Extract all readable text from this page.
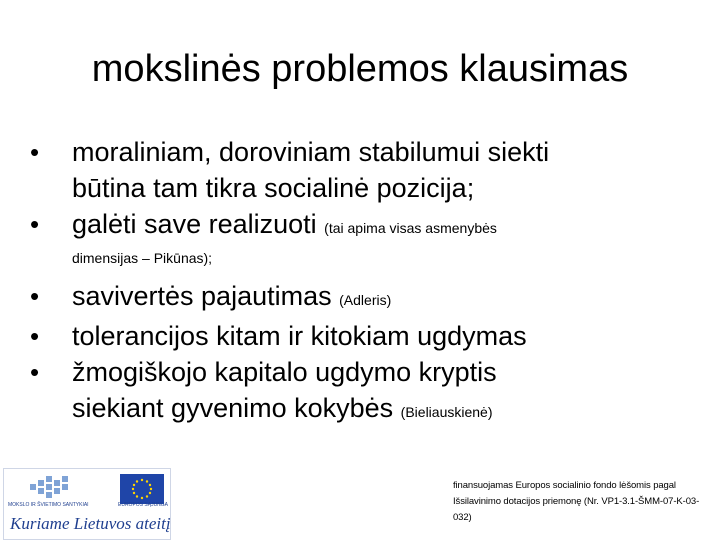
mokslinės problemos klausimas
• moraliniam, doroviniam stabilumui siekti
būtina tam tikra socialinė pozicija;
• galėti save realizuoti (tai apima visas asmenybės
dimensijas – Pikūnas);
• savivertės pajautimas (Adleris)
• tolerancijos kitam ir kitokiam ugdymas
• žmogiškojo kapitalo ugdymo kryptis
siekiant gyvenimo kokybės (Bieliauskienė)
MOKSLO IR ŠVIETIMO SANTYKIAI	EUROPOS SĄJUNGA
Kuriame Lietuvos ateitį
finansuojamas Europos socialinio fondo lėšomis pagal
Išsilavinimo dotacijos priemonę (Nr. VP1-3.1-ŠMM-07-K-03-032)
